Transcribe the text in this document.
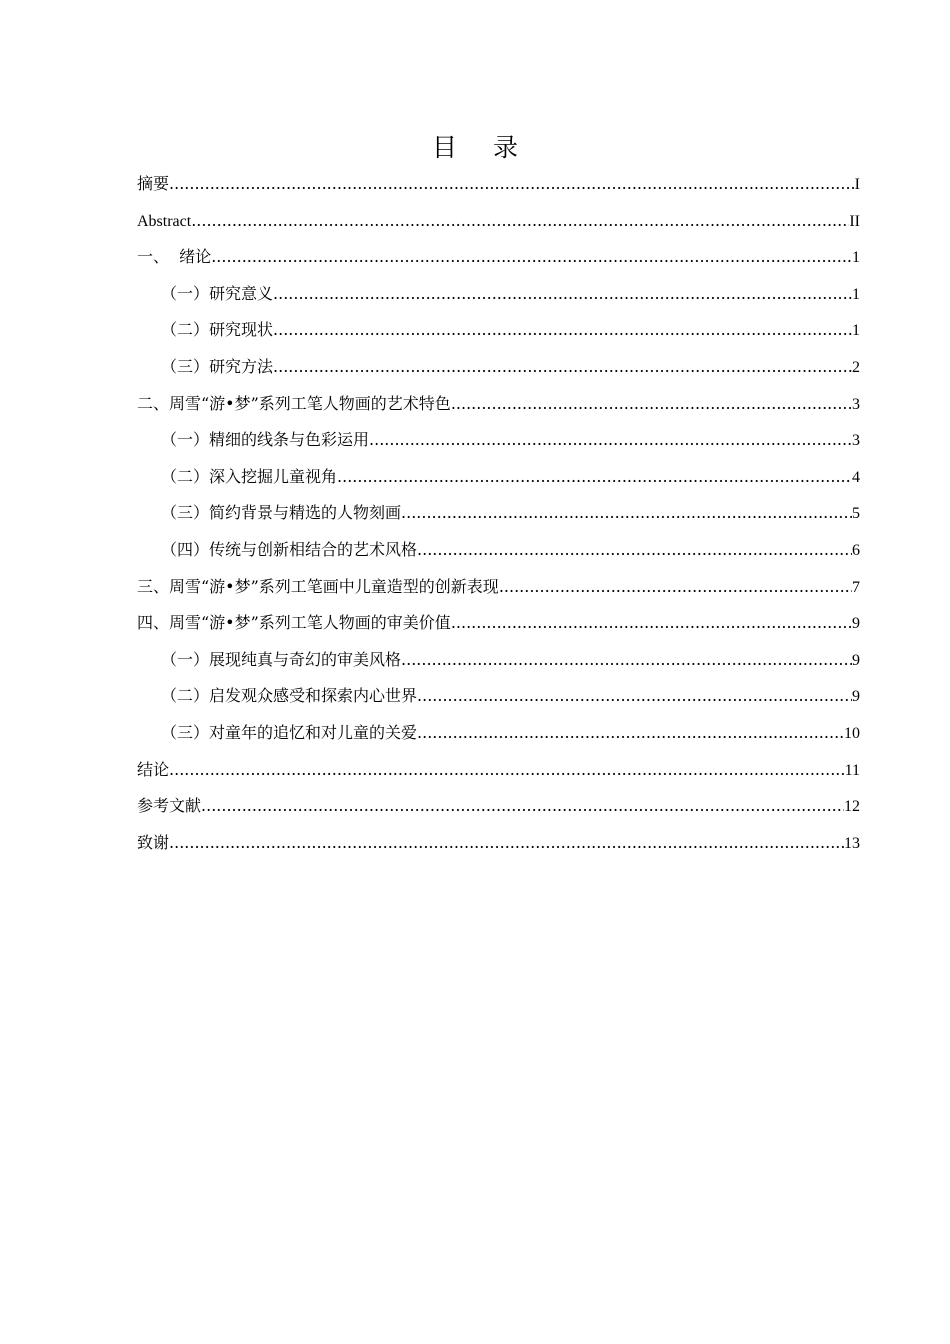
目 录
摘要 .....	I
Abstract .....	II
一、  绪论 .....	1
（一）研究意义 .....	1
（二）研究现状 .....	1
（三）研究方法 .....	2
二、周雪“游•梦”系列工笔人物画的艺术特色 .....	3
（一）精细的线条与色彩运用 .....	3
（二）深入挖掘儿童视角 .....	4
（三）简约背景与精选的人物刻画 .....	5
（四）传统与创新相结合的艺术风格 .....	6
三、周雪“游•梦”系列工笔画中儿童造型的创新表现 .....	7
四、周雪“游•梦”系列工笔人物画的审美价值 .....	9
（一）展现纯真与奇幻的审美风格 .....	9
（二）启发观众感受和探索内心世界 .....	9
（三）对童年的追忆和对儿童的关爱 .....	10
结论 .....	11
参考文献 .....	12
致谢 .....	13
